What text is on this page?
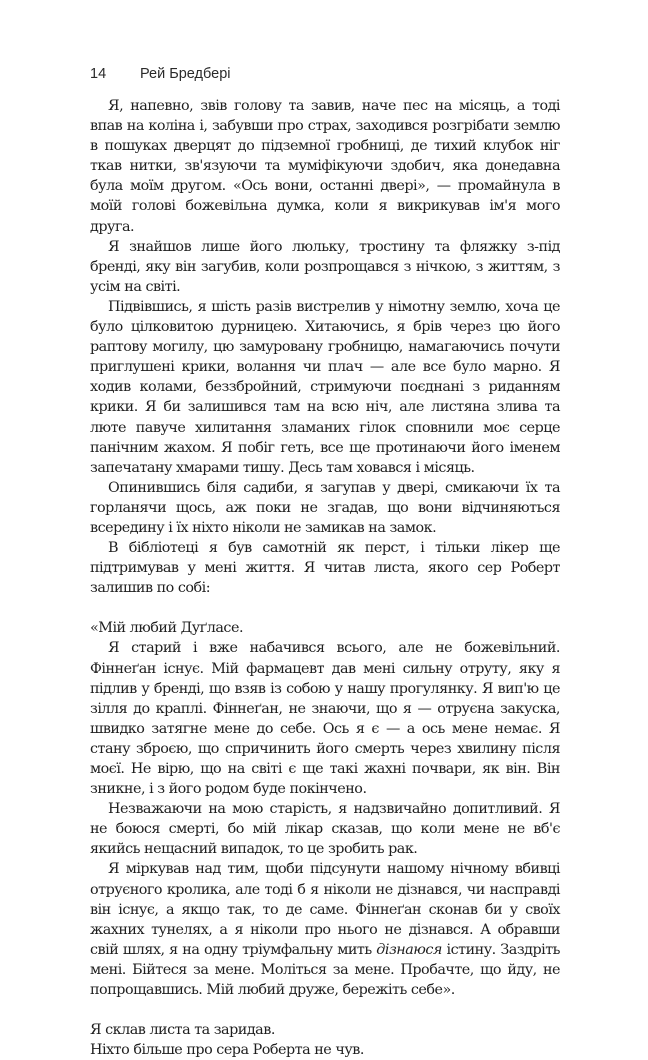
14 Рей Бредбері

Я, напевно, звів голову та завив, наче пес на місяць, а тоді впав на коліна і, забувши про страх, заходився розгрібати землю в пошуках дверцят до підземної гробниці, де тихий клубок ніг ткав нитки, зв'язуючи та муміфікуючи здобич, яка донедавна була моїм другом. «Ось вони, останні двері», — промайнула в моїй голові божевільна думка, коли я викрикував ім'я мого друга.

Я знайшов лише його люльку, тростину та фляжку з-під бренді, яку він загубив, коли розпрощався з нічкою, з життям, з усім на світі.

Підвівшись, я шість разів вистрелив у німотну землю, хоча це було цілковитою дурницею. Хитаючись, я брів через цю його раптову могилу, цю замуровану гробницю, намагаючись почути приглушені крики, волання чи плач — але все було марно. Я ходив колами, беззбройний, стримуючи поєднані з риданням крики. Я би залишився там на всю ніч, але листяна злива та люте павуче хилитання зламаних гілок сповнили моє серце панічним жахом. Я побіг геть, все ще протинаючи його іменем запечатану хмарами тишу. Десь там ховався і місяць.

Опинившись біля садиби, я загупав у двері, смикаючи їх та горланячи щось, аж поки не згадав, що вони відчиняються всередину і їх ніхто ніколи не замикав на замок.

В бібліотеці я був самотній як перст, і тільки лікер ще підтримував у мені життя. Я читав листа, якого сер Роберт залишив по собі:

«Мій любий Дуґласе.

Я старий і вже набачився всього, але не божевільний. Фіннеґан існує. Мій фармацевт дав мені сильну отруту, яку я підлив у бренді, що взяв із собою у нашу прогулянку. Я вип'ю це зілля до краплі. Фіннеґан, не знаючи, що я — отруєна закуска, швидко затягне мене до себе. Ось я є — а ось мене немає. Я стану зброєю, що спричинить його смерть через хвилину після моєї. Не вірю, що на світі є ще такі жахні почвари, як він. Він зникне, і з його родом буде покінчено.

Незважаючи на мою старість, я надзвичайно допитливий. Я не боюся смерті, бо мій лікар сказав, що коли мене не вб'є якийсь нещасний випадок, то це зробить рак.

Я міркував над тим, щоби підсунути нашому нічному вбивці отруєного кролика, але тоді б я ніколи не дізнався, чи насправді він існує, а якщо так, то де саме. Фіннеґан сконав би у своїх жахних тунелях, а я ніколи про нього не дізнався. А обравши свій шлях, я на одну тріумфальну мить дізнаюся істину. Заздріть мені. Бійтеся за мене. Моліться за мене. Пробачте, що йду, не попрощавшись. Мій любий друже, бережіть себе».

Я склав листа та заридав.

Ніхто більше про сера Роберта не чув.
